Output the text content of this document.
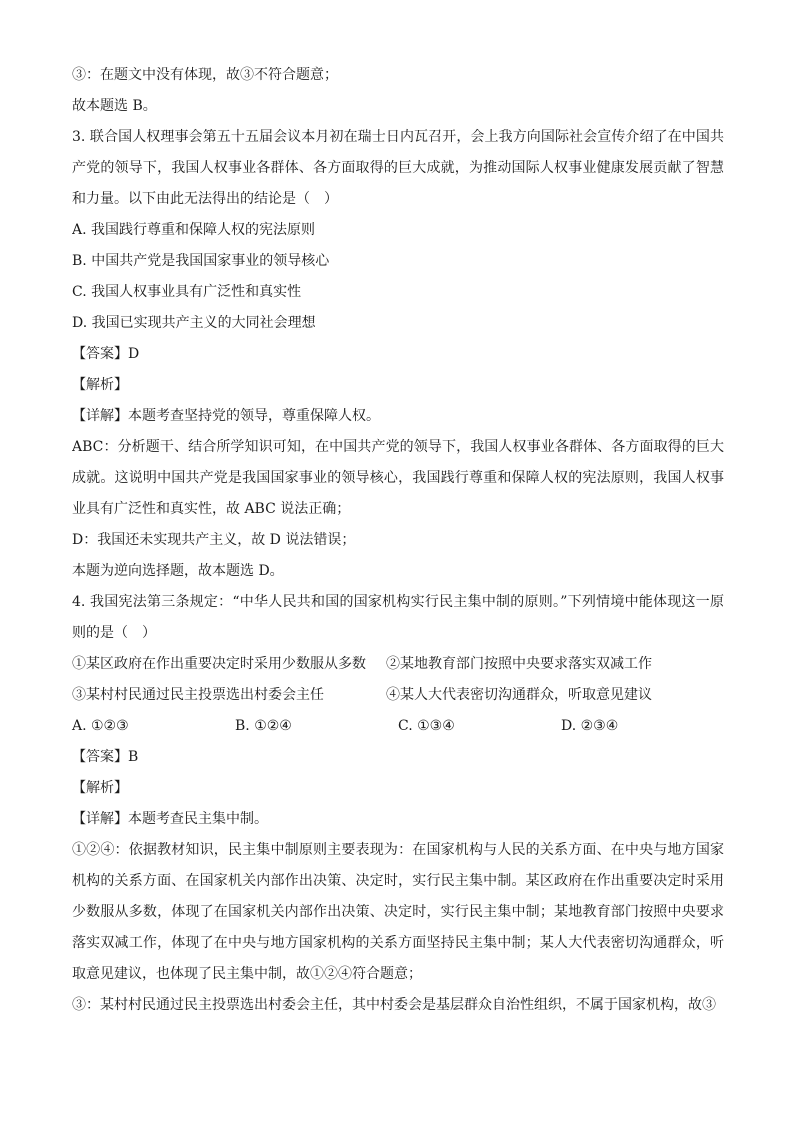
③：在题文中没有体现，故③不符合题意；
故本题选 B。
3. 联合国人权理事会第五十五届会议本月初在瑞士日内瓦召开，会上我方向国际社会宣传介绍了在中国共产党的领导下，我国人权事业各群体、各方面取得的巨大成就，为推动国际人权事业健康发展贡献了智慧和力量。以下由此无法得出的结论是（　）
A. 我国践行尊重和保障人权的宪法原则
B. 中国共产党是我国国家事业的领导核心
C. 我国人权事业具有广泛性和真实性
D. 我国已实现共产主义的大同社会理想
【答案】D
【解析】
【详解】本题考查坚持党的领导，尊重保障人权。
ABC：分析题干、结合所学知识可知，在中国共产党的领导下，我国人权事业各群体、各方面取得的巨大成就。这说明中国共产党是我国国家事业的领导核心，我国践行尊重和保障人权的宪法原则，我国人权事业具有广泛性和真实性，故 ABC 说法正确；
D：我国还未实现共产主义，故 D 说法错误；
本题为逆向选择题，故本题选 D。
4. 我国宪法第三条规定：“中华人民共和国的国家机构实行民主集中制的原则。”下列情境中能体现这一原则的是（　）
①某区政府在作出重要决定时采用少数服从多数	②某地教育部门按照中央要求落实双减工作
③某村村民通过民主投票选出村委会主任	④某人大代表密切沟通群众，听取意见建议
A. ①②③	B. ①②④	C. ①③④	D. ②③④
【答案】B
【解析】
【详解】本题考查民主集中制。
①②④：依据教材知识，民主集中制原则主要表现为：在国家机构与人民的关系方面、在中央与地方国家机构的关系方面、在国家机关内部作出决策、决定时，实行民主集中制。某区政府在作出重要决定时采用少数服从多数，体现了在国家机关内部作出决策、决定时，实行民主集中制；某地教育部门按照中央要求落实双减工作，体现了在中央与地方国家机构的关系方面坚持民主集中制；某人大代表密切沟通群众，听取意见建议，也体现了民主集中制，故①②④符合题意；
③：某村村民通过民主投票选出村委会主任，其中村委会是基层群众自治性组织，不属于国家机构，故③
